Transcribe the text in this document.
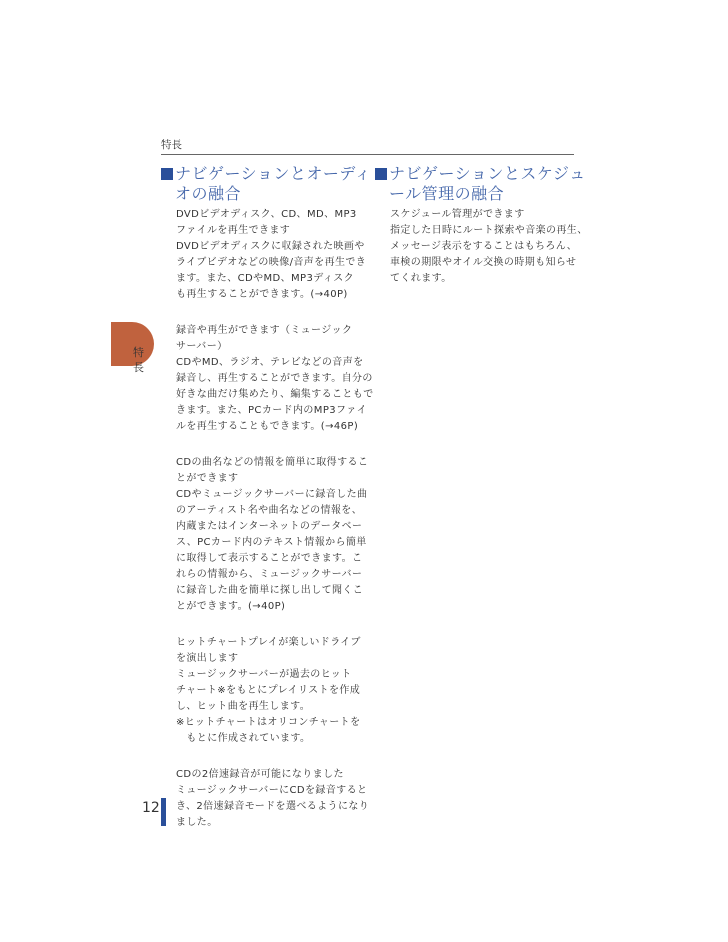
特長
特
長
ナビゲーションとオーディ
オの融合
DVDビデオディスク、CD、MD、MP3
ファイルを再生できます
DVDビデオディスクに収録された映画や
ライブビデオなどの映像/音声を再生でき
ます。また、CDやMD、MP3ディスク
も再生することができます。(→40P)
録音や再生ができます（ミュージック
サーバー）
CDやMD、ラジオ、テレビなどの音声を
録音し、再生することができます。自分の
好きな曲だけ集めたり、編集することもで
きます。また、PCカード内のMP3ファイ
ルを再生することもできます。(→46P)
CDの曲名などの情報を簡単に取得するこ
とができます
CDやミュージックサーバーに録音した曲
のアーティスト名や曲名などの情報を、
内蔵またはインターネットのデータベー
ス、PCカード内のテキスト情報から簡単
に取得して表示することができます。こ
れらの情報から、ミュージックサーバー
に録音した曲を簡単に探し出して聞くこ
とができます。(→40P)
ヒットチャートプレイが楽しいドライブ
を演出します
ミュージックサーバーが過去のヒット
チャート※をもとにプレイリストを作成
し、ヒット曲を再生します。
※ヒットチャートはオリコンチャートを
　もとに作成されています。
CDの2倍速録音が可能になりました
ミュージックサーバーにCDを録音すると
き、2倍速録音モードを選べるようになり
ました。
ナビゲーションとスケジュ
ール管理の融合
スケジュール管理ができます
指定した日時にルート探索や音楽の再生、
メッセージ表示をすることはもちろん、
車検の期限やオイル交換の時期も知らせ
てくれます。
12
